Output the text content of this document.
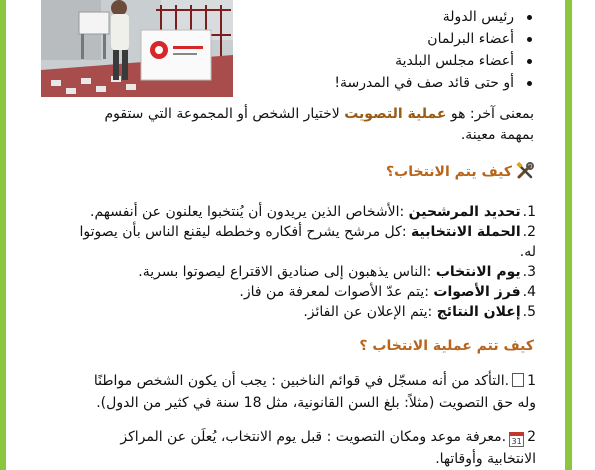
رئيس الدولة
أعضاء البرلمان
أعضاء مجلس البلدية
أو حتى قائد صف في المدرسة!
بمعنى آخر: هو عملية التصويت لاختيار الشخص أو المجموعة التي ستقوم بمهمة معينة.
كيف يتم الانتخاب؟
1.تحديد المرشحين :الأشخاص الذين يريدون أن يُنتخبوا يعلنون عن أنفسهم.
2.الحملة الانتخابية :كل مرشح يشرح أفكاره وخططه ليقنع الناس بأن يصوتوا له.
3.يوم الانتخاب :الناس يذهبون إلى صناديق الاقتراع ليصوتوا بسرية.
4.فرز الأصوات :يتم عدّ الأصوات لمعرفة من فاز.
5.إعلان النتائج :يتم الإعلان عن الفائز.
كيف تتم عملية الانتخاب ؟
1.التأكد من أنه مسجّل في قوائم الناخبين : يجب أن يكون الشخص مواطنًا وله حق التصويت (مثلاً: بلغ السن القانونية، مثل 18 سنة في كثير من الدول).
231.معرفة موعد ومكان التصويت : قبل يوم الانتخاب، يُعلَن عن المراكز الانتخابية وأوقاتها.
